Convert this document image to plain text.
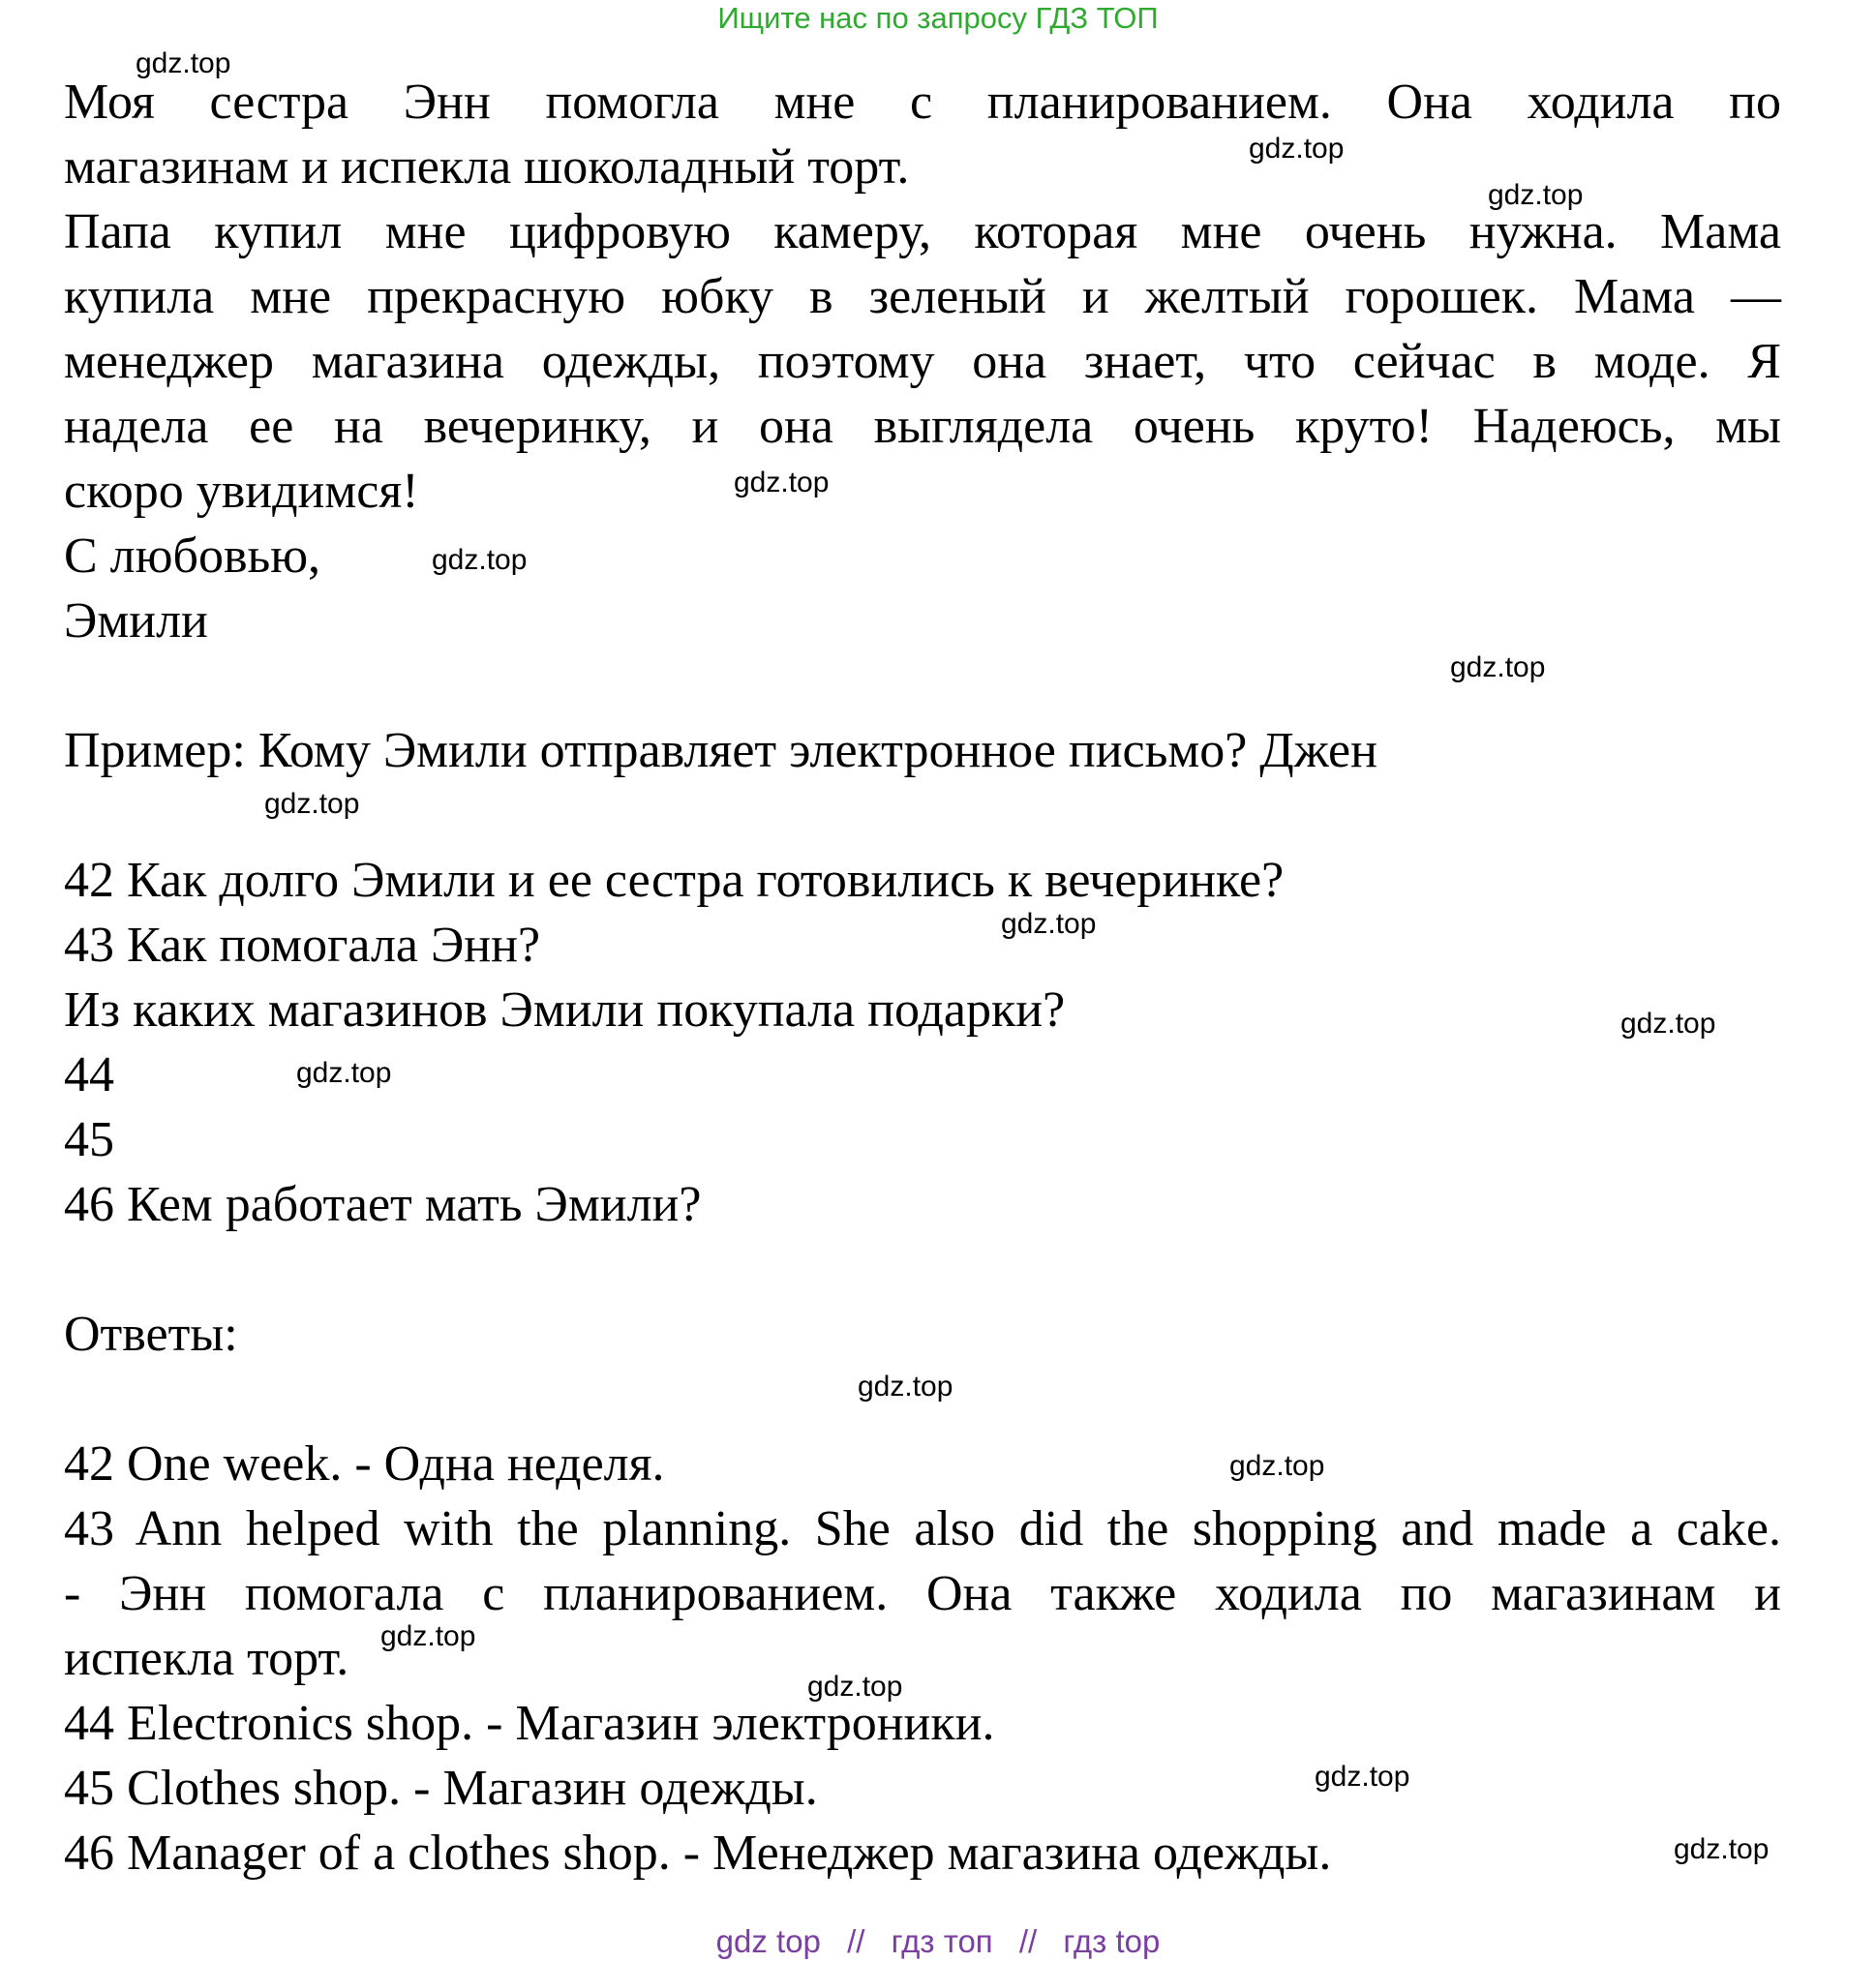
Ищите нас по запросу ГДЗ ТОП
Моя сестра Энн помогла мне с планированием. Она ходила по
магазинам и испекла шоколадный торт.
Папа купил мне цифровую камеру, которая мне очень нужна. Мама
купила мне прекрасную юбку в зеленый и желтый горошек. Мама —
менеджер магазина одежды, поэтому она знает, что сейчас в моде. Я
надела ее на вечеринку, и она выглядела очень круто! Надеюсь, мы
скоро увидимся!
С любовью,
Эмили
Пример: Кому Эмили отправляет электронное письмо? Джен
42 Как долго Эмили и ее сестра готовились к вечеринке?
43 Как помогала Энн?
Из каких магазинов Эмили покупала подарки?
44
45
46 Кем работает мать Эмили?
Ответы:
42 One week. - Одна неделя.
43 Ann helped with the planning. She also did the shopping and made a cake.
- Энн помогала с планированием. Она также ходила по магазинам и
испекла торт.
44 Electronics shop. - Магазин электроники.
45 Clothes shop. - Магазин одежды.
46 Manager of a clothes shop. - Менеджер магазина одежды.
gdz.top
gdz.top
gdz.top
gdz.top
gdz.top
gdz.top
gdz.top
gdz.top
gdz.top
gdz.top
gdz.top
gdz.top
gdz.top
gdz.top
gdz.top
gdz.top
gdz top // гдз топ // гдз top
